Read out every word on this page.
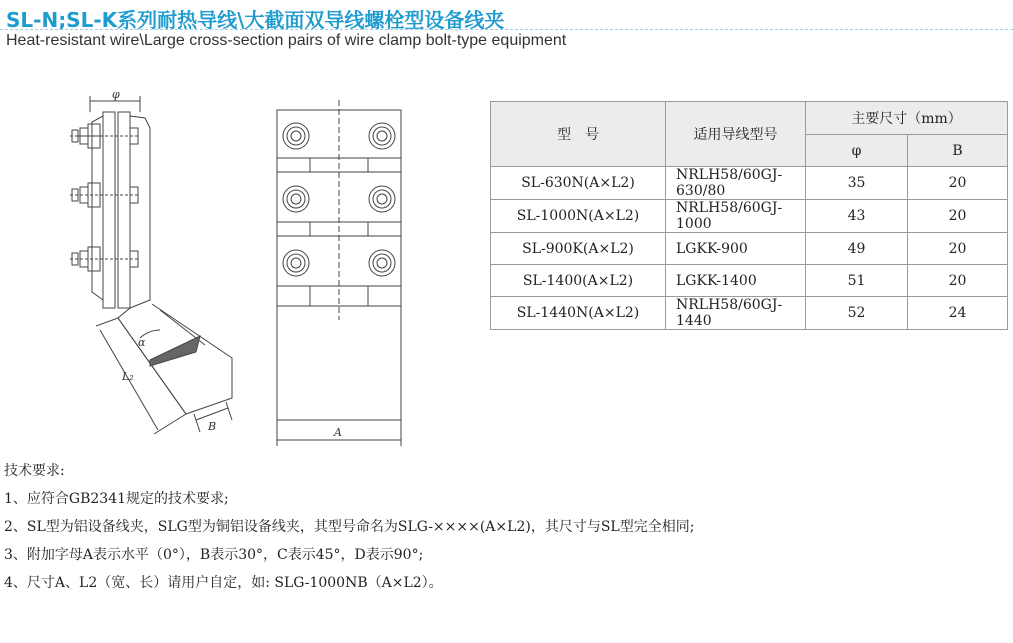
SL-N;SL-K系列耐热导线\大截面双导线螺栓型设备线夹
Heat-resistant wire\Large cross-section pairs of wire clamp bolt-type equipment
φ
α
L₂
B	A
型　号	适用导线型号	主要尺寸（mm）	
		φ	B
SL-630N(A×L2)	NRLH58/60GJ-630/80	35	20
SL-1000N(A×L2)	NRLH58/60GJ-1000	43	20
SL-900K(A×L2)	LGKK-900	49	20
SL-1400(A×L2)	LGKK-1400	51	20
SL-1440N(A×L2)	NRLH58/60GJ-1440	52	24
技术要求:
1、应符合GB2341规定的技术要求;
2、SL型为铝设备线夹，SLG型为铜铝设备线夹，其型号命名为SLG-××××(A×L2)，其尺寸与SL型完全相同;
3、附加字母A表示水平（0°），B表示30°，C表示45°，D表示90°;
4、尺寸A、L2（宽、长）请用户自定，如: SLG-1000NB（A×L2）。
